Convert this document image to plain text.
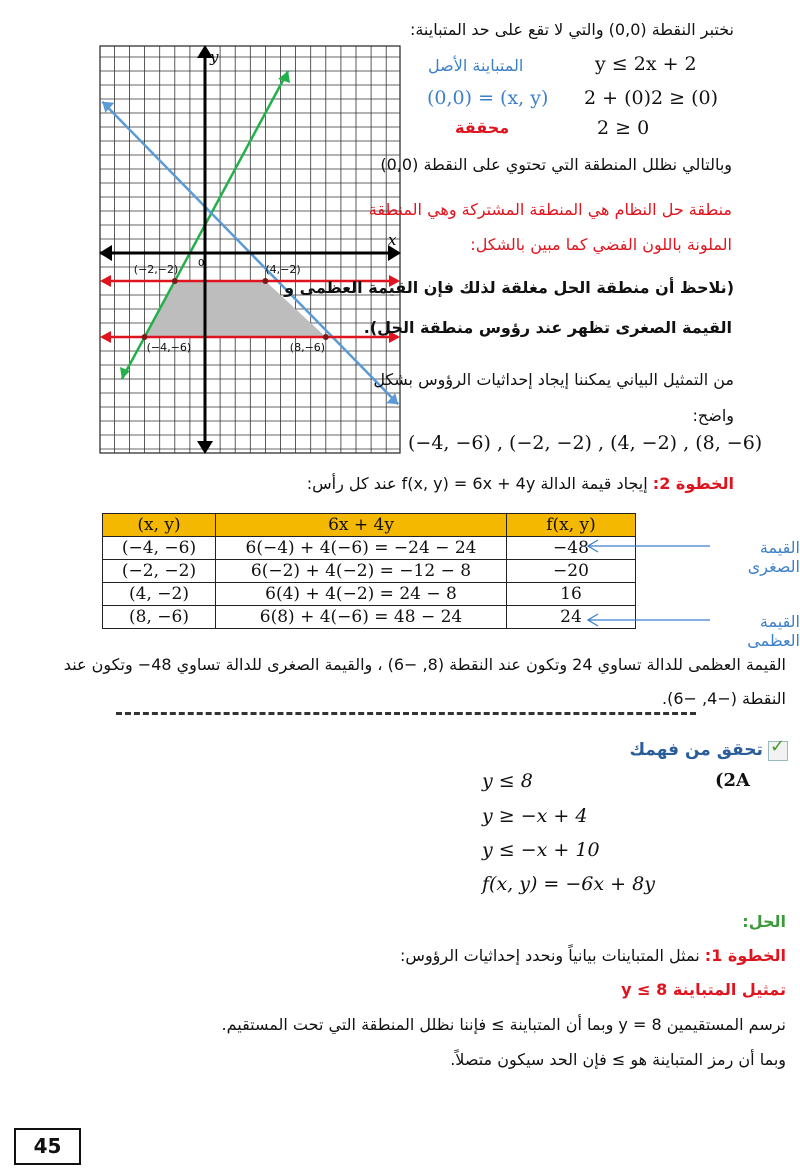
x
y
0
(−2,−2)	(4,−2)
(−4,−6)	(8,−6)
نختبر النقطة (0,0) والتي لا تقع على حد المتباينة:
المتباينة الأصل	y ≤ 2x + 2
(x, y) = (0,0) (0) ≤ 2(0) + 2
محققة	0 ≤ 2
وبالتالي نظلل المنطقة التي تحتوي على النقطة (0,0)
منطقة حل النظام هي المنطقة المشتركة وهي المنطقة
الملونة باللون الفضي كما مبين بالشكل:
(نلاحظ أن منطقة الحل مغلقة لذلك فإن القيمة العظمى و
القيمة الصغرى تظهر عند رؤوس منطقة الحل).
من التمثيل البياني يمكننا إيجاد إحداثيات الرؤوس بشكل
واضح:
(−4, −6) , (−2, −2) , (4, −2) , (8, −6)
الخطوة 2: إيجاد قيمة الدالة f(x, y) = 6x + 4y عند كل رأس:
(x, y)	6x + 4y	f(x, y)
(−4, −6)	6(−4) + 4(−6) = −24 − 24	−48
(−2, −2)	6(−2) + 4(−2) = −12 − 8	−20
(4, −2)	6(4) + 4(−2) = 24 − 8	16
(8, −6)	6(8) + 4(−6) = 48 − 24	24
القيمة الصغرى
القيمة العظمى
القيمة العظمى للدالة تساوي 24 وتكون عند النقطة (8, −6) ، والقيمة الصغرى للدالة تساوي 48− وتكون عند
النقطة (−4, −6).
✓
تحقق من فهمك
y ≤ 8	(2A
y ≥ −x + 4
y ≤ −x + 10
f(x, y) = −6x + 8y
الحل:
الخطوة 1: نمثل المتباينات بيانياً ونحدد إحداثيات الرؤوس:
تمثيل المتباينة y ≤ 8
نرسم المستقيمين y = 8 وبما أن المتباينة ≥ فإننا نظلل المنطقة التي تحت المستقيم.
وبما أن رمز المتباينة هو ≥ فإن الحد سيكون متصلاً.
45
